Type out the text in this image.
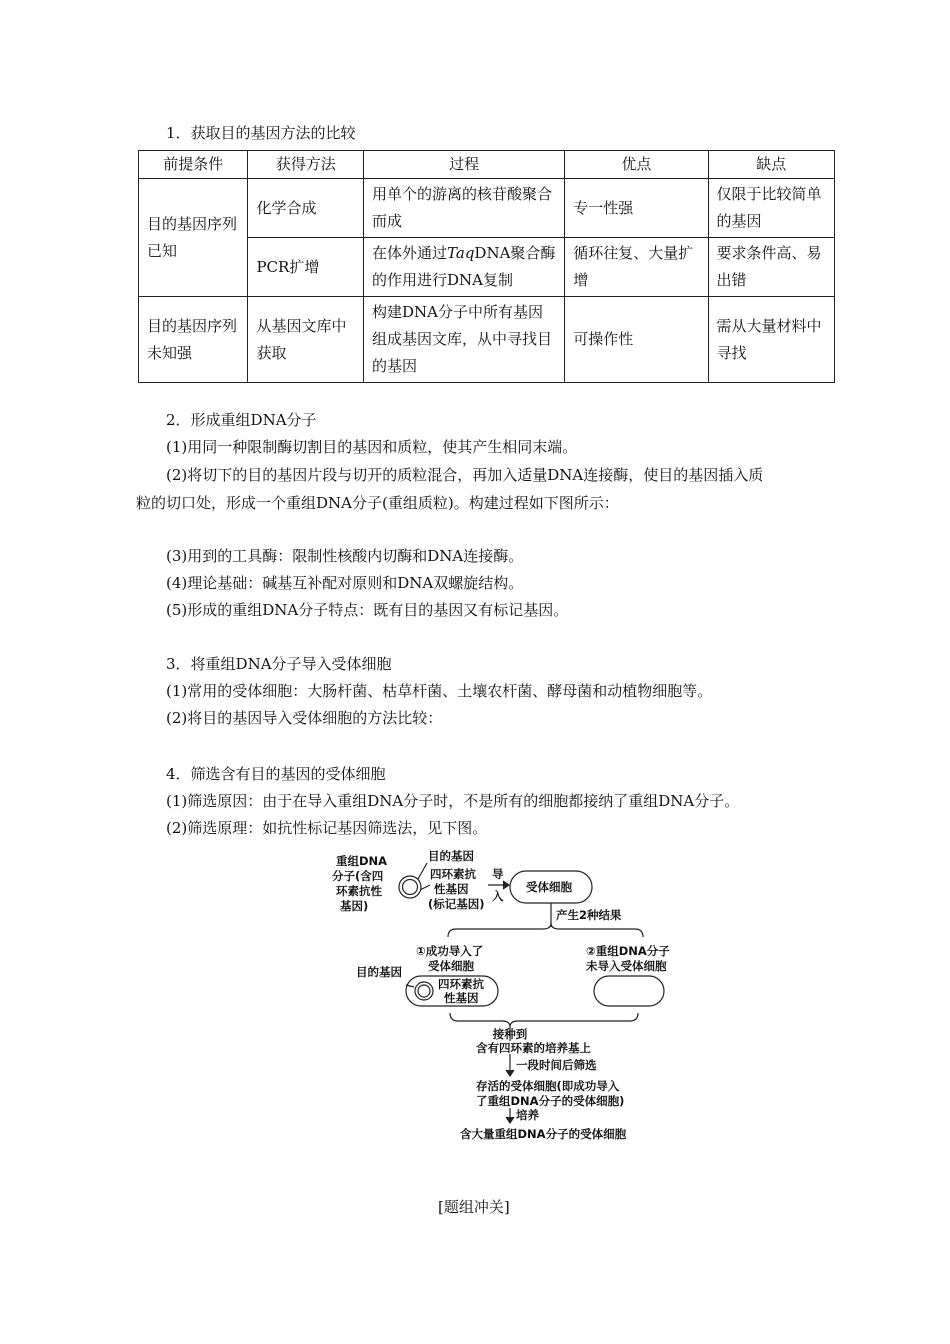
1．获取目的基因方法的比较
前提条件	获得方法	过程	优点	缺点
目的基因序列已知	化学合成	用单个的游离的核苷酸聚合而成	专一性强	仅限于比较简单的基因
	PCR扩增	在体外通过TaqDNA聚合酶的作用进行DNA复制	循环往复、大量扩增	要求条件高、易出错
目的基因序列未知强	从基因文库中获取	构建DNA分子中所有基因组成基因文库，从中寻找目的基因	可操作性	需从大量材料中寻找
2．形成重组DNA分子
(1)用同一种限制酶切割目的基因和质粒，使其产生相同末端。
(2)将切下的目的基因片段与切开的质粒混合，再加入适量DNA连接酶，使目的基因插入质
粒的切口处，形成一个重组DNA分子(重组质粒)。构建过程如下图所示：
(3)用到的工具酶：限制性核酸内切酶和DNA连接酶。
(4)理论基础：碱基互补配对原则和DNA双螺旋结构。
(5)形成的重组DNA分子特点：既有目的基因又有标记基因。
3．将重组DNA分子导入受体细胞
(1)常用的受体细胞：大肠杆菌、枯草杆菌、土壤农杆菌、酵母菌和动植物细胞等。
(2)将目的基因导入受体细胞的方法比较：
4．筛选含有目的基因的受体细胞
(1)筛选原因：由于在导入重组DNA分子时，不是所有的细胞都接纳了重组DNA分子。
(2)筛选原理：如抗性标记基因筛选法，见下图。
重组DNA
分子(含四
环素抗性
基因)
目的基因
四环素抗
性基因
(标记基因)
导
入
受体细胞
产生2种结果
①成功导入了
受体细胞
②重组DNA分子
未导入受体细胞
目的基因
四环素抗
性基因
接种到
含有四环素的培养基上
一段时间后筛选
存活的受体细胞(即成功导入
了重组DNA分子的受体细胞)
培养
含大量重组DNA分子的受体细胞
[题组冲关]
